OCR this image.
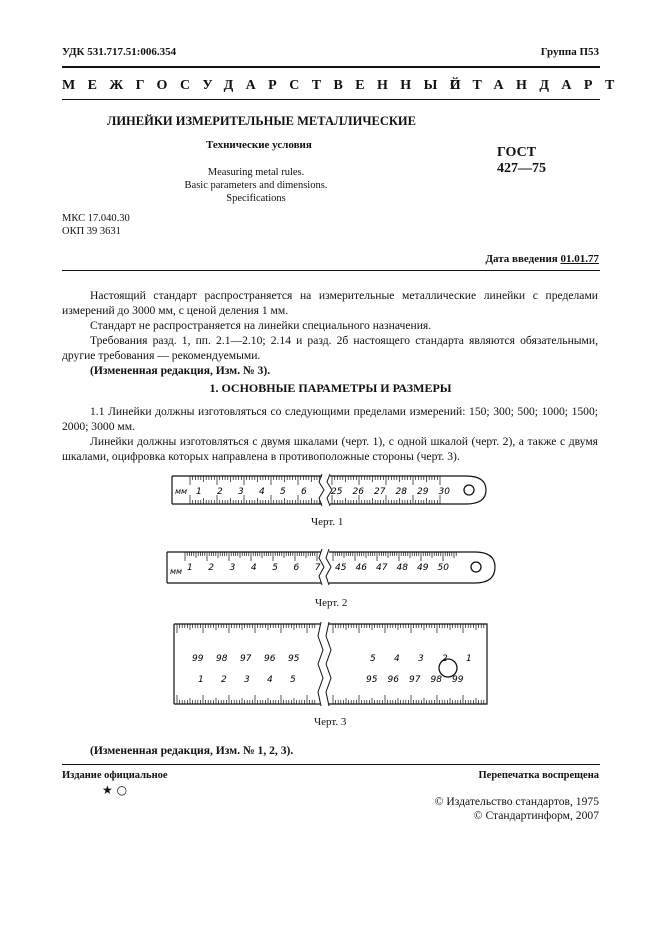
УДК 531.717.51:006.354	Группа П53
МЕЖГОСУДАРСТВЕННЫЙ
СТАНДАРТ
ЛИНЕЙКИ ИЗМЕРИТЕЛЬНЫЕ МЕТАЛЛИЧЕСКИЕ
Технические условия
Measuring metal rules.
Basic parameters and dimensions.
Specifications
ГОСТ
427—75
МКС 17.040.30
ОКП 39 3631
Дата введения 01.01.77

Настоящий стандарт распространяется на измерительные металлические линейки с пределами измерений до 3000 мм, с ценой деления 1 мм.

Стандарт не распространяется на линейки специального назначения.

Требования разд. 1, пп. 2.1—2.10; 2.14 и разд. 2б настоящего стандарта являются обязательными, другие требования — рекомендуемыми.

(Измененная редакция, Изм. № 3).

1. ОСНОВНЫЕ ПАРАМЕТРЫ И РАЗМЕРЫ

1.1 Линейки должны изготовляться со следующими пределами измерений: 150; 300; 500; 1000; 1500; 2000; 3000 мм.

Линейки должны изготовляться с двумя шкалами (черт. 1), с одной шкалой (черт. 2), а также с двумя шкалами, оцифровка которых направлена в противоположные стороны (черт. 3).

мм 1 2 3 4 5 6	25 26 27 28 29 30
Черт. 1
мм 1 2 3 4 5 6 7 45 46 47 48 49 50
Черт. 2
99 98 97 96 95	5 4 3 2 1
1 2 3 4 5	95 96 97 98 99
Черт. 3
(Измененная редакция, Изм. № 1, 2, 3).
Издание официальное	Перепечатка воспрещена
★ ○
© Издательство стандартов, 1975
© Стандартинформ, 2007
